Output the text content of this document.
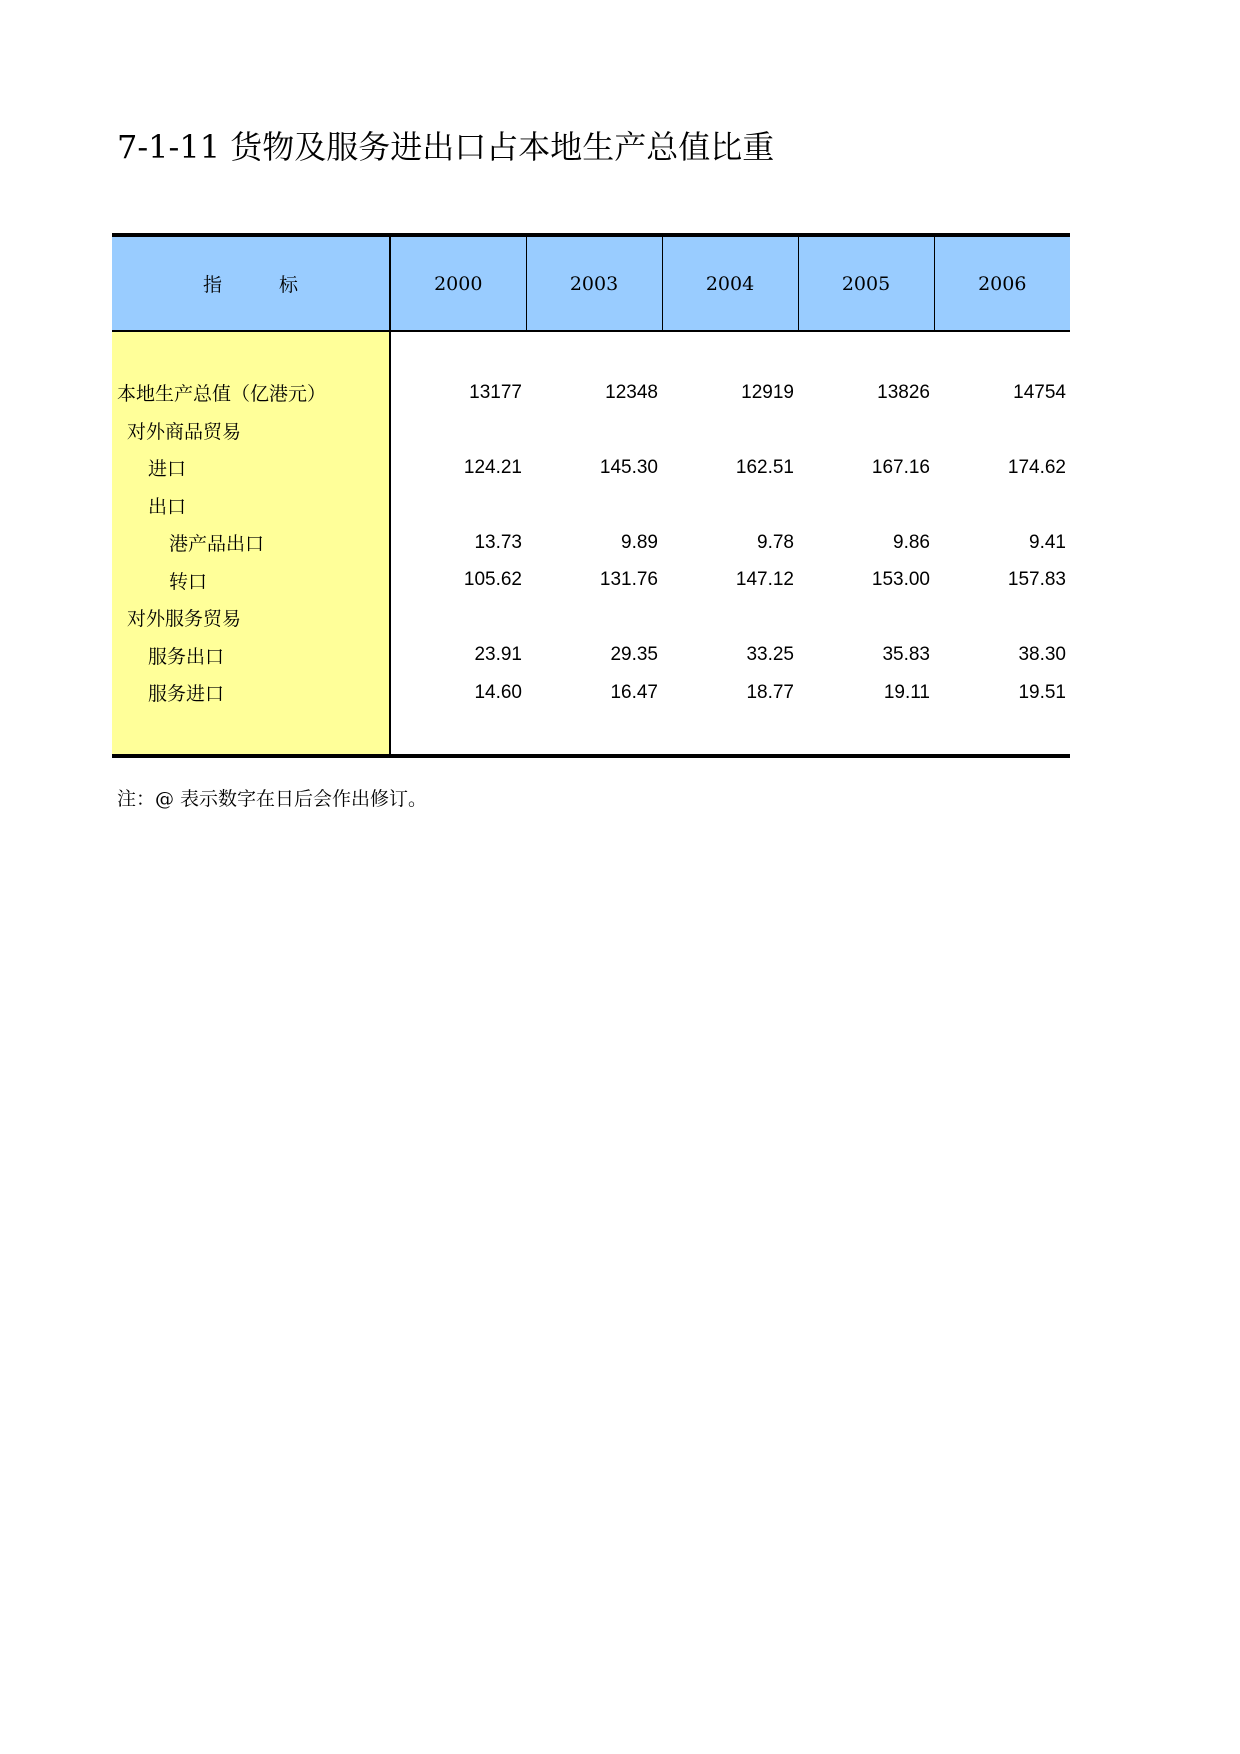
7-1-11 货物及服务进出口占本地生产总值比重
指　　　标	2000	2003	2004	2005	2006

本地生产总值（亿港元）	13177	12348	12919	13826	14754
对外商品贸易					
进口	124.21	145.30	162.51	167.16	174.62
出口					
港产品出口	13.73	9.89	9.78	9.86	9.41
转口	105.62	131.76	147.12	153.00	157.83
对外服务贸易					
服务出口	23.91	29.35	33.25	35.83	38.30
服务进口	14.60	16.47	18.77	19.11	19.51

注：@ 表示数字在日后会作出修订。
